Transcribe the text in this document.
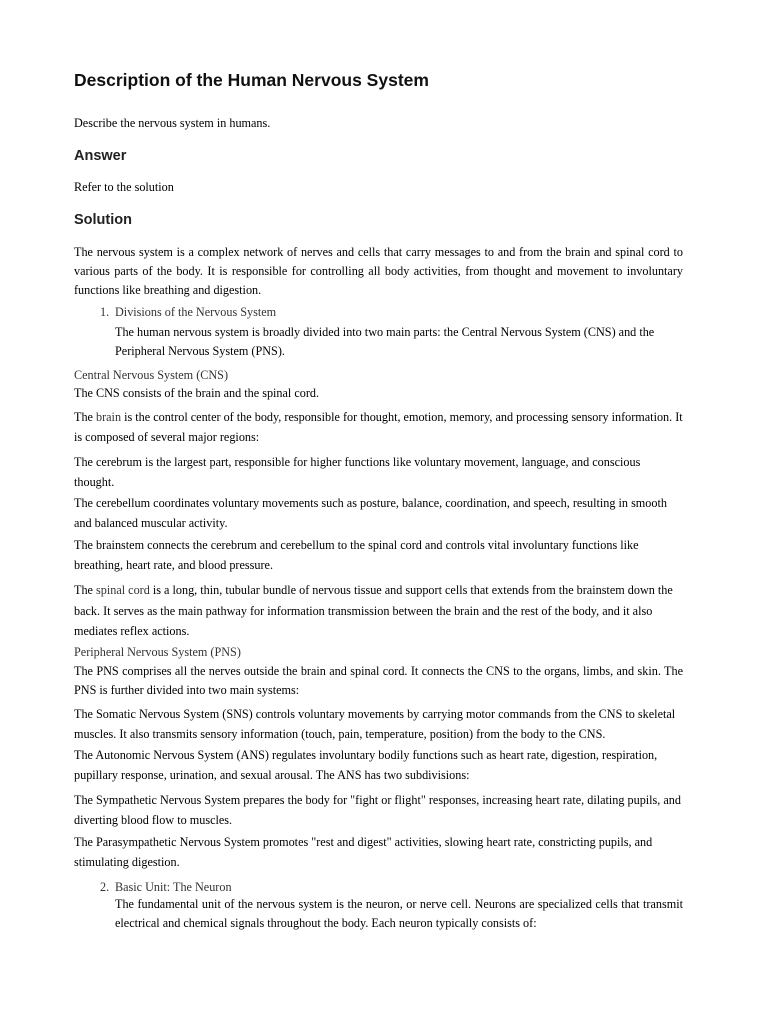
Description of the Human Nervous System

Describe the nervous system in humans.

Answer

Refer to the solution

Solution

The nervous system is a complex network of nerves and cells that carry messages to and from the brain and spinal cord to various parts of the body. It is responsible for controlling all body activities, from thought and movement to involuntary functions like breathing and digestion.

1. Divisions of the Nervous System

The human nervous system is broadly divided into two main parts: the Central Nervous System (CNS) and the Peripheral Nervous System (PNS).

Central Nervous System (CNS)

The CNS consists of the brain and the spinal cord.

The brain is the control center of the body, responsible for thought, emotion, memory, and processing sensory information. It is composed of several major regions:

The cerebrum is the largest part, responsible for higher functions like voluntary movement, language, and conscious thought.

The cerebellum coordinates voluntary movements such as posture, balance, coordination, and speech, resulting in smooth and balanced muscular activity.

The brainstem connects the cerebrum and cerebellum to the spinal cord and controls vital involuntary functions like breathing, heart rate, and blood pressure.

The spinal cord is a long, thin, tubular bundle of nervous tissue and support cells that extends from the brainstem down the back. It serves as the main pathway for information transmission between the brain and the rest of the body, and it also mediates reflex actions.

Peripheral Nervous System (PNS)

The PNS comprises all the nerves outside the brain and spinal cord. It connects the CNS to the organs, limbs, and skin. The PNS is further divided into two main systems:

The Somatic Nervous System (SNS) controls voluntary movements by carrying motor commands from the CNS to skeletal muscles. It also transmits sensory information (touch, pain, temperature, position) from the body to the CNS.

The Autonomic Nervous System (ANS) regulates involuntary bodily functions such as heart rate, digestion, respiration, pupillary response, urination, and sexual arousal. The ANS has two subdivisions:

The Sympathetic Nervous System prepares the body for "fight or flight" responses, increasing heart rate, dilating pupils, and diverting blood flow to muscles.

The Parasympathetic Nervous System promotes "rest and digest" activities, slowing heart rate, constricting pupils, and stimulating digestion.

2. Basic Unit: The Neuron

The fundamental unit of the nervous system is the neuron, or nerve cell. Neurons are specialized cells that transmit electrical and chemical signals throughout the body. Each neuron typically consists of:
